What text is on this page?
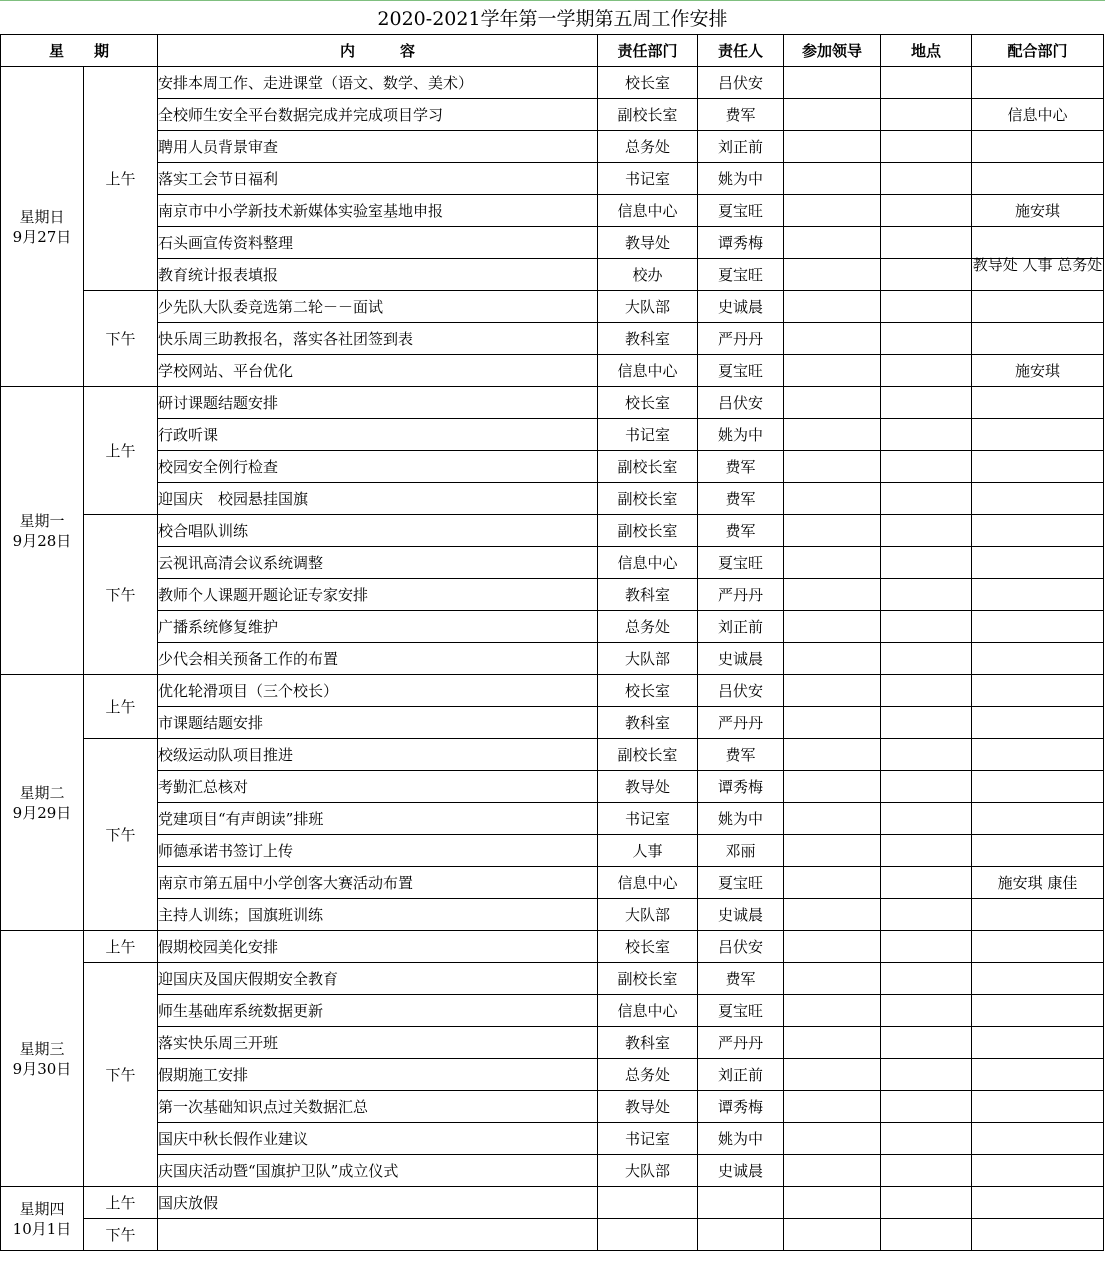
2020-2021学年第一学期第五周工作安排
星　　期		内　　　容	责任部门	责任人	参加领导	地点	配合部门

星期日
9月27日	上午	安排本周工作、走进课堂（语文、数学、美术）	校长室	吕伏安			
		全校师生安全平台数据完成并完成项目学习	副校长室	费军			信息中心
		聘用人员背景审查	总务处	刘正前			
		落实工会节日福利	书记室	姚为中			
		南京市中小学新技术新媒体实验室基地申报	信息中心	夏宝旺			施安琪
		石头画宣传资料整理	教导处	谭秀梅			
		教育统计报表填报	校办	夏宝旺			教导处 人事 总务处
	下午	少先队大队委竞选第二轮－－面试	大队部	史诚晨			
		快乐周三助教报名，落实各社团签到表	教科室	严丹丹			
		学校网站、平台优化	信息中心	夏宝旺			施安琪

星期一
9月28日	上午	研讨课题结题安排	校长室	吕伏安			
		行政听课	书记室	姚为中			
		校园安全例行检查	副校长室	费军			
		迎国庆　校园悬挂国旗	副校长室	费军			
	下午	校合唱队训练	副校长室	费军			
		云视讯高清会议系统调整	信息中心	夏宝旺			
		教师个人课题开题论证专家安排	教科室	严丹丹			
		广播系统修复维护	总务处	刘正前			
		少代会相关预备工作的布置	大队部	史诚晨			

星期二
9月29日	上午	优化轮滑项目（三个校长）	校长室	吕伏安			
		市课题结题安排	教科室	严丹丹			
	下午	校级运动队项目推进	副校长室	费军			
		考勤汇总核对	教导处	谭秀梅			
		党建项目“有声朗读”排班	书记室	姚为中			
		师德承诺书签订上传	人事	邓丽			
		南京市第五届中小学创客大赛活动布置	信息中心	夏宝旺			施安琪 康佳
		主持人训练；国旗班训练	大队部	史诚晨			

星期三
9月30日	上午	假期校园美化安排	校长室	吕伏安			
	下午	迎国庆及国庆假期安全教育	副校长室	费军			
		师生基础库系统数据更新	信息中心	夏宝旺			
		落实快乐周三开班	教科室	严丹丹			
		假期施工安排	总务处	刘正前			
		第一次基础知识点过关数据汇总	教导处	谭秀梅			
		国庆中秋长假作业建议	书记室	姚为中			
		庆国庆活动暨“国旗护卫队”成立仪式	大队部	史诚晨			

星期四
10月1日	上午	国庆放假					
	下午						
